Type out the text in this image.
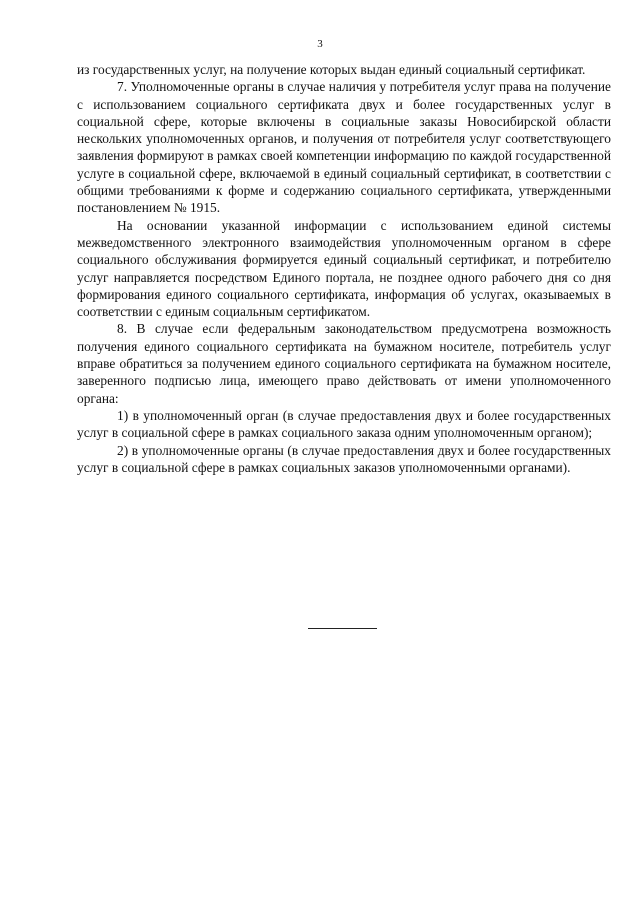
3

из государственных услуг, на получение которых выдан единый социальный сертификат.

7. Уполномоченные органы в случае наличия у потребителя услуг права на получение с использованием социального сертификата двух и более государственных услуг в социальной сфере, которые включены в социальные заказы Новосибирской области нескольких уполномоченных органов, и получения от потребителя услуг соответствующего заявления формируют в рамках своей компетенции информацию по каждой государственной услуге в социальной сфере, включаемой в единый социальный сертификат, в соответствии с общими требованиями к форме и содержанию социального сертификата, утвержденными постановлением № 1915.

На основании указанной информации с использованием единой системы межведомственного электронного взаимодействия уполномоченным органом в сфере социального обслуживания формируется единый социальный сертификат, и потребителю услуг направляется посредством Единого портала, не позднее одного рабочего дня со дня формирования единого социального сертификата, информация об услугах, оказываемых в соответствии с единым социальным сертификатом.

8. В случае если федеральным законодательством предусмотрена возможность получения единого социального сертификата на бумажном носителе, потребитель услуг вправе обратиться за получением единого социального сертификата на бумажном носителе, заверенного подписью лица, имеющего право действовать от имени уполномоченного органа:

1) в уполномоченный орган (в случае предоставления двух и более государственных услуг в социальной сфере в рамках социального заказа одним уполномоченным органом);

2) в уполномоченные органы (в случае предоставления двух и более государственных услуг в социальной сфере в рамках социальных заказов уполномоченными органами).
